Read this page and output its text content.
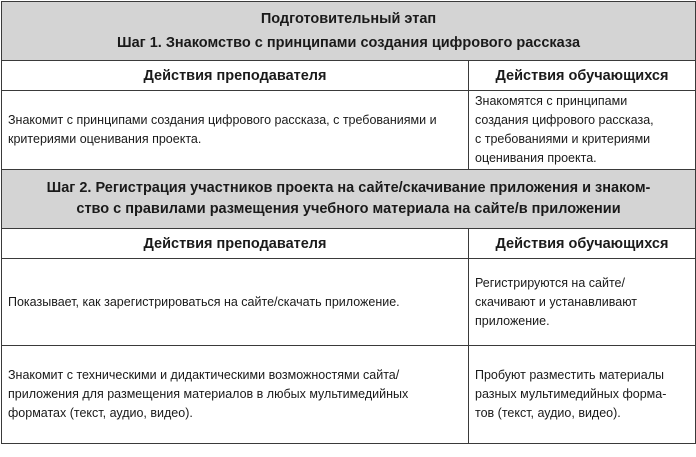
Подготовительный этап
Шаг 1. Знакомство с принципами создания цифрового рассказа	

Действия преподавателя	Действия обучающихся

Знакомит с принципами создания цифрового рассказа, с требованиями и
критериями оценивания проекта.	Знакомятся с принципами
создания цифрового рассказа,
с требованиями и критериями
оценивания проекта.

Шаг 2. Регистрация участников проекта на сайте/скачивание приложения и знаком-
ство с правилами размещения учебного материала на сайте/в приложении	

Действия преподавателя	Действия обучающихся

Показывает, как зарегистрироваться на сайте/скачать приложение.	Регистрируются на сайте/
скачивают и устанавливают
приложение.

Знакомит с техническими и дидактическими возможностями сайта/
приложения для размещения материалов в любых мультимедийных
форматах (текст, аудио, видео).	Пробуют разместить материалы
разных мультимедийных форма-
тов (текст, аудио, видео).
